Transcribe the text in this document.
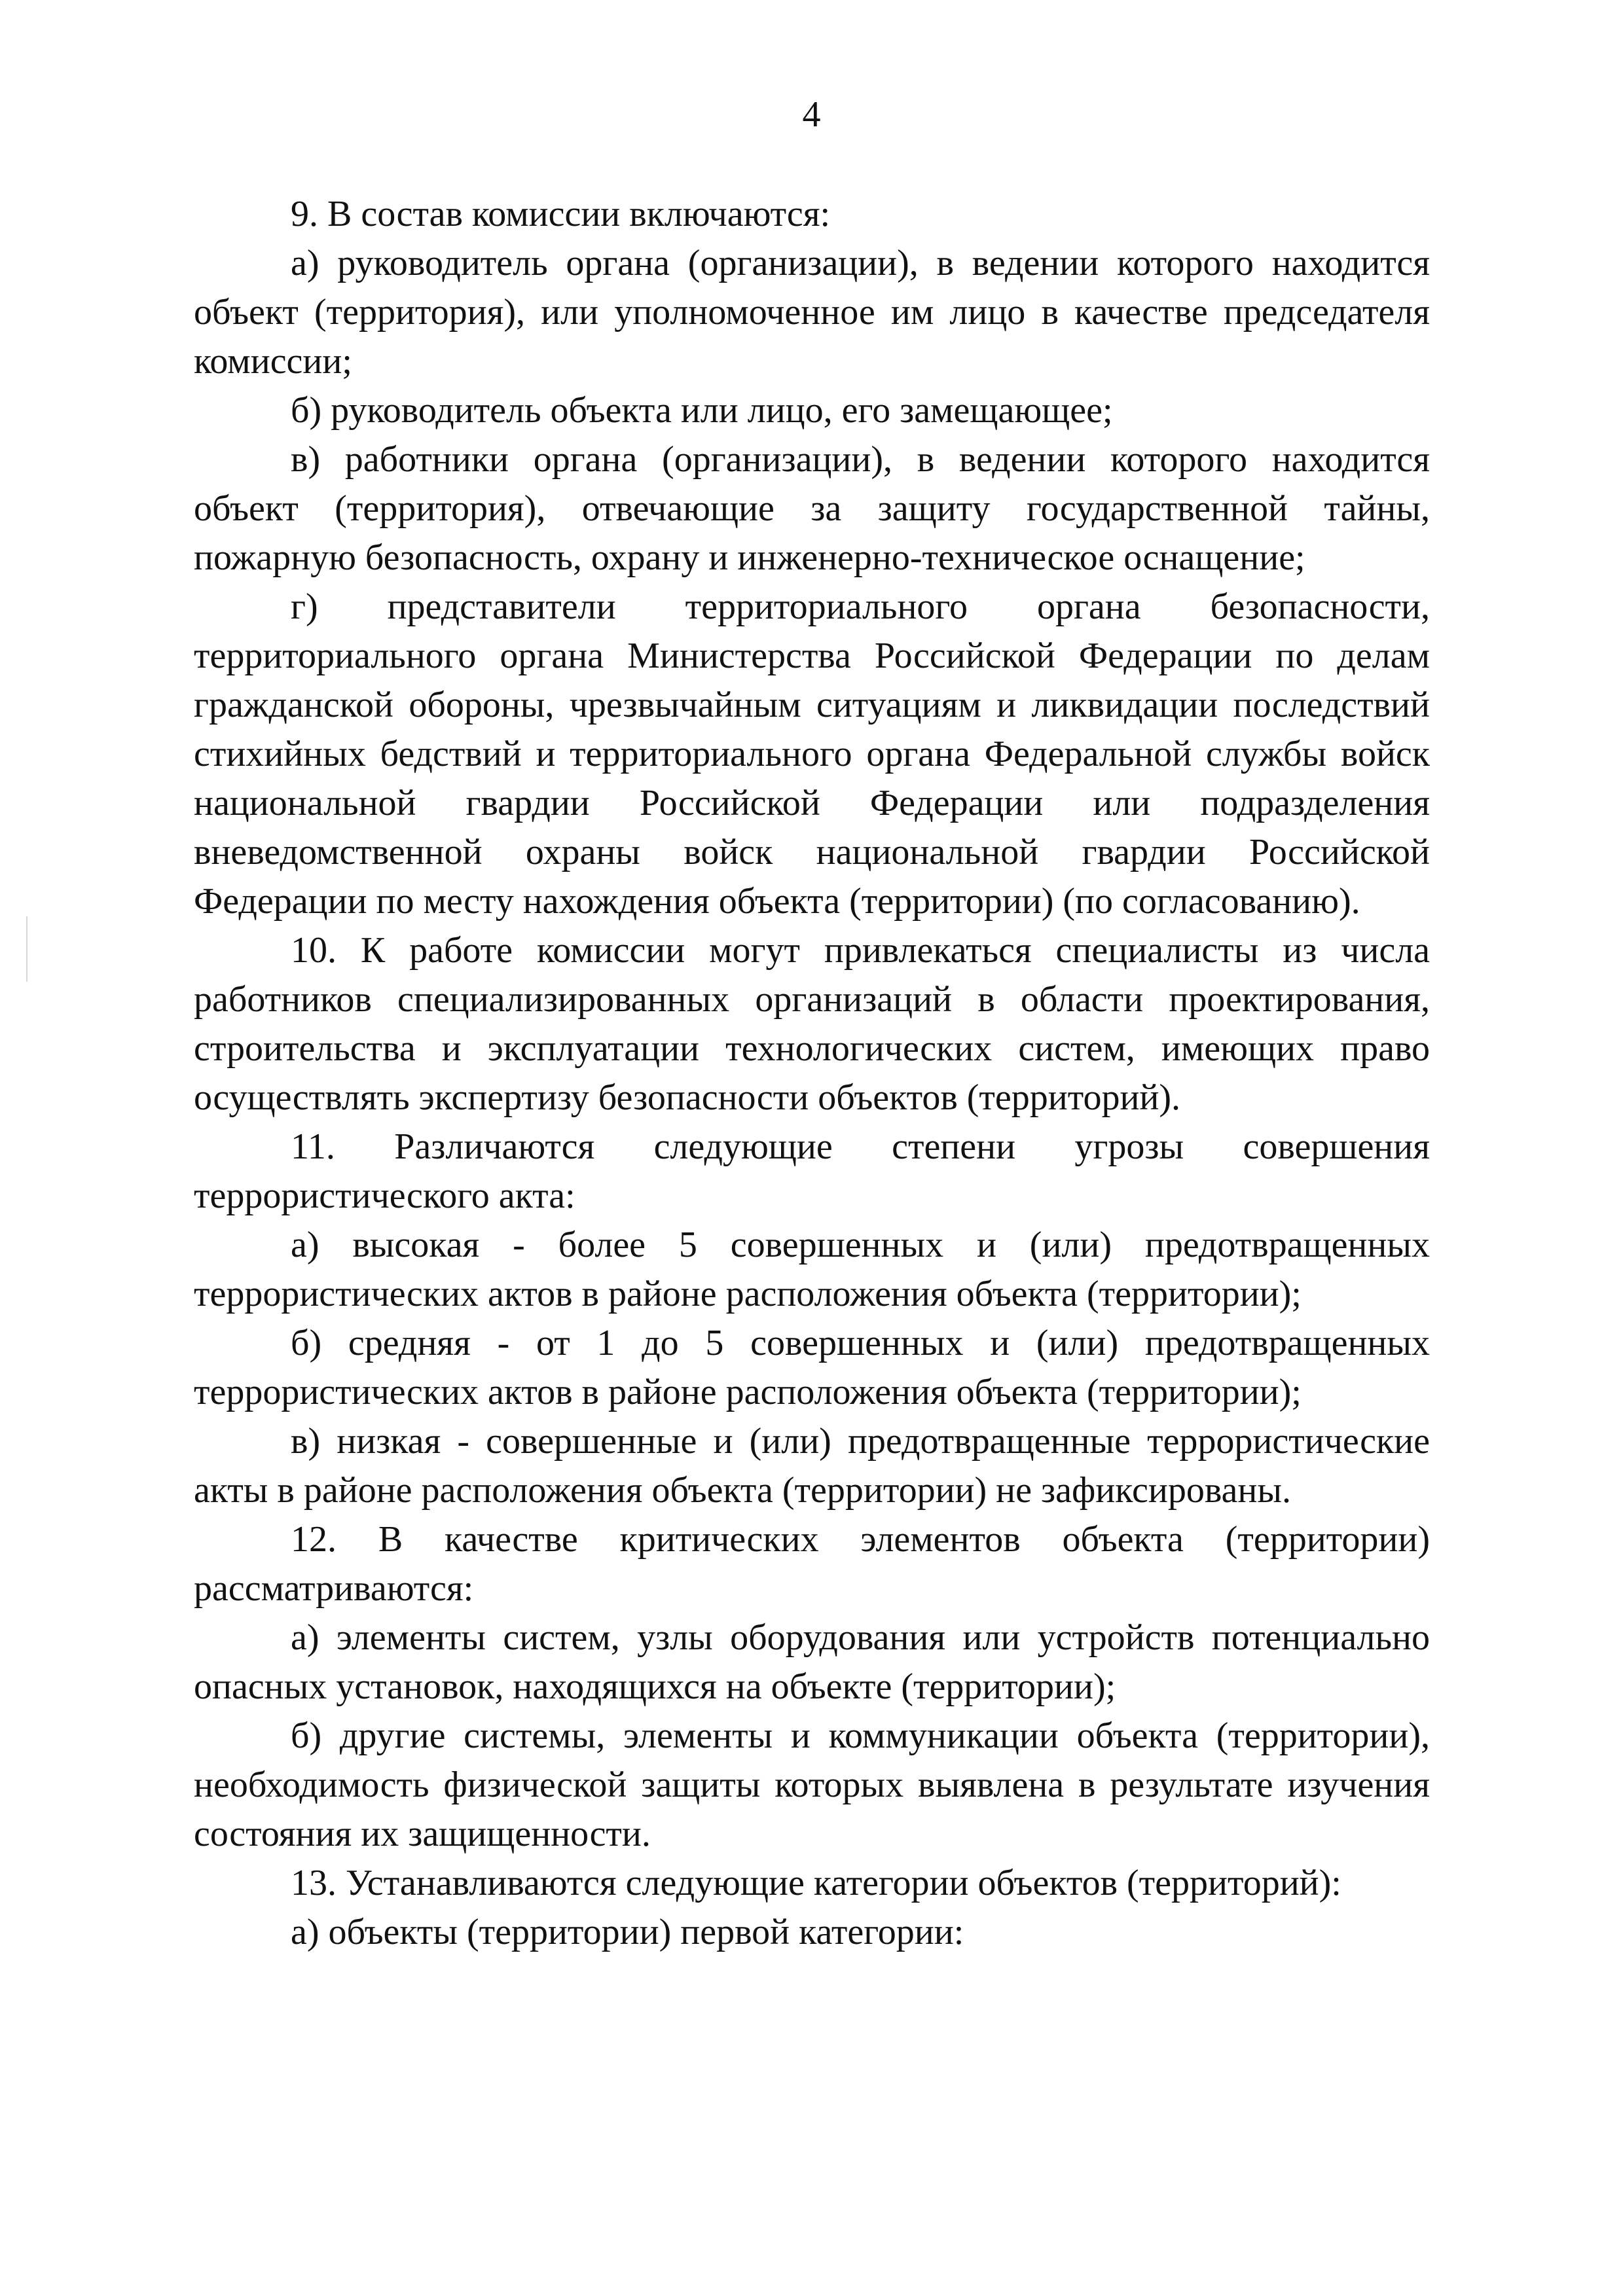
4

9. В состав комиссии включаются:

а) руководитель органа (организации), в ведении которого находится объект (территория), или уполномоченное им лицо в качестве председателя комиссии;

б) руководитель объекта или лицо, его замещающее;

в) работники органа (организации), в ведении которого находится объект (территория), отвечающие за защиту государственной тайны, пожарную безопасность, охрану и инженерно-техническое оснащение;

г) представители территориального органа безопасности, территориального органа Министерства Российской Федерации по делам гражданской обороны, чрезвычайным ситуациям и ликвидации последствий стихийных бедствий и территориального органа Федеральной службы войск национальной гвардии Российской Федерации или подразделения вневедомственной охраны войск национальной гвардии Российской Федерации по месту нахождения объекта (территории) (по согласованию).

10. К работе комиссии могут привлекаться специалисты из числа работников специализированных организаций в области проектирования, строительства и эксплуатации технологических систем, имеющих право осуществлять экспертизу безопасности объектов (территорий).

11. Различаются следующие степени угрозы совершения террористического акта:

а) высокая - более 5 совершенных и (или) предотвращенных террористических актов в районе расположения объекта (территории);

б) средняя - от 1 до 5 совершенных и (или) предотвращенных террористических актов в районе расположения объекта (территории);

в) низкая - совершенные и (или) предотвращенные террористические акты в районе расположения объекта (территории) не зафиксированы.

12. В качестве критических элементов объекта (территории) рассматриваются:

а) элементы систем, узлы оборудования или устройств потенциально опасных установок, находящихся на объекте (территории);

б) другие системы, элементы и коммуникации объекта (территории), необходимость физической защиты которых выявлена в результате изучения состояния их защищенности.

13. Устанавливаются следующие категории объектов (территорий):

а) объекты (территории) первой категории:
